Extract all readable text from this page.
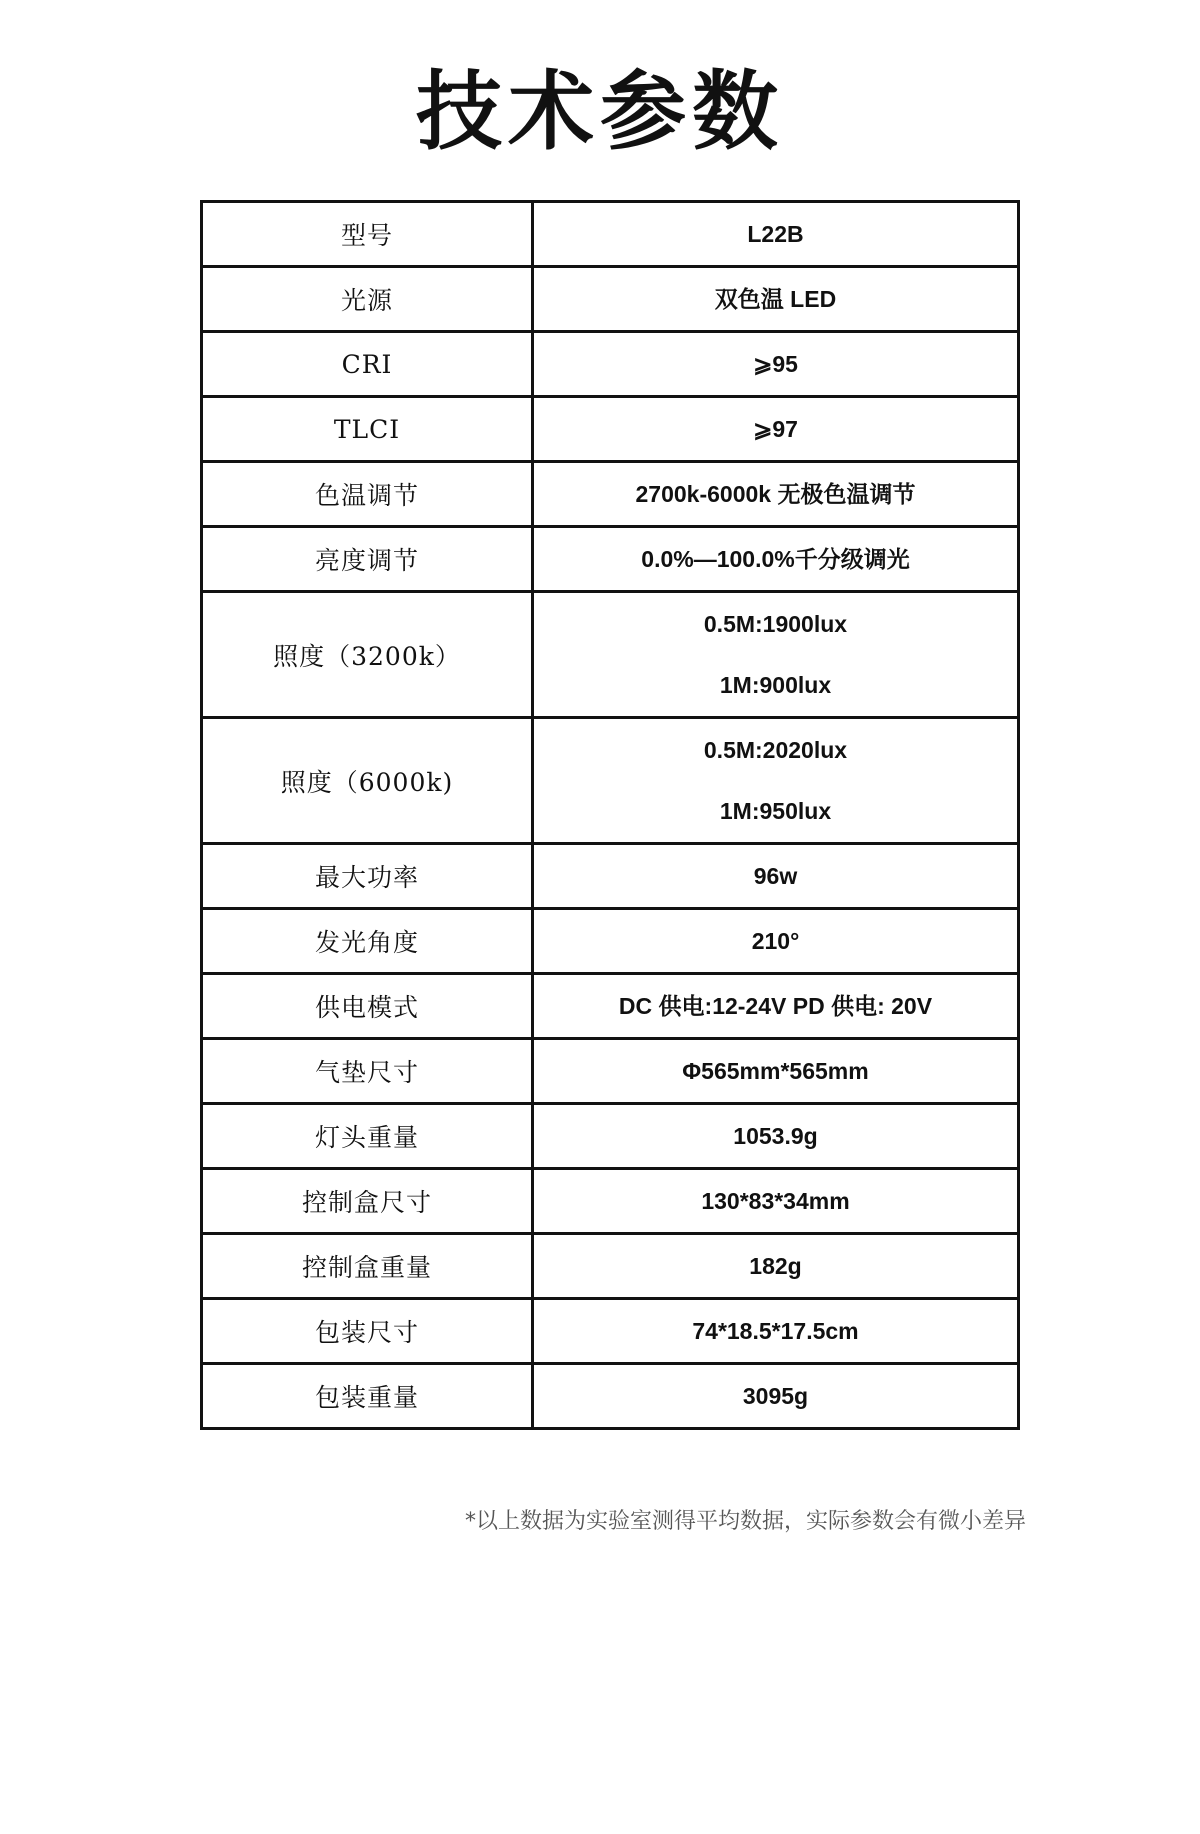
技术参数
型号	L22B

光源	双色温 LED

CRI	⩾95

TLCI	⩾97

色温调节	2700k-6000k 无极色温调节

亮度调节	0.0%—100.0%千分级调光

照度（3200k）	0.5M:1900lux
1M:900lux

照度（6000k)	0.5M:2020lux
1M:950lux

最大功率	96w

发光角度	210°

供电模式	DC 供电:12-24V PD 供电: 20V

气垫尺寸	Φ565mm*565mm

灯头重量	1053.9g

控制盒尺寸	130*83*34mm

控制盒重量	182g

包装尺寸	74*18.5*17.5cm

包装重量	3095g
*以上数据为实验室测得平均数据，实际参数会有微小差异
